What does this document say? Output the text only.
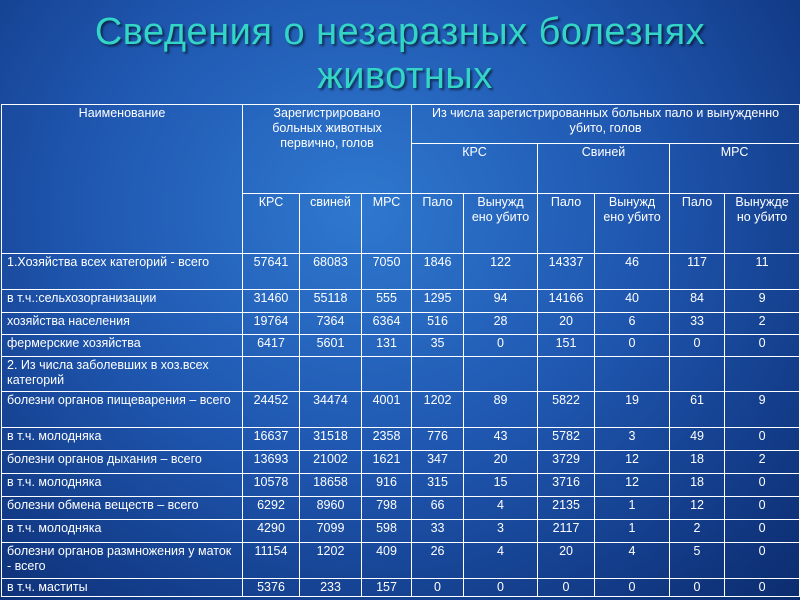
Сведения о незаразных болезнях
животных
Наименование	Зарегистрировано больных животных первично, голов			Из числа зарегистрированных больных пало и вынужденно убито, голов					
				КРС		Свиней		МРС	
	КРС	свиней	МРС	Пало	Вынужд ено убито	Пало	Вынужд ено убито	Пало	Вынужде но убито
1.Хозяйства всех категорий - всего	57641	68083	7050	1846	122	14337	46	117	11
в т.ч.:сельхозорганизации	31460	55118	555	1295	94	14166	40	84	9
хозяйства населения	19764	7364	6364	516	28	20	6	33	2
фермерские хозяйства	6417	5601	131	35	0	151	0	0	0
2. Из числа заболевших в хоз.всех категорий									
болезни органов пищеварения – всего	24452	34474	4001	1202	89	5822	19	61	9
в т.ч. молодняка	16637	31518	2358	776	43	5782	3	49	0
болезни органов дыхания – всего	13693	21002	1621	347	20	3729	12	18	2
в т.ч. молодняка	10578	18658	916	315	15	3716	12	18	0
болезни обмена веществ – всего	6292	8960	798	66	4	2135	1	12	0
в т.ч. молодняка	4290	7099	598	33	3	2117	1	2	0
болезни органов размножения у маток - всего	11154	1202	409	26	4	20	4	5	0
в т.ч. маститы	5376	233	157	0	0	0	0	0	0
